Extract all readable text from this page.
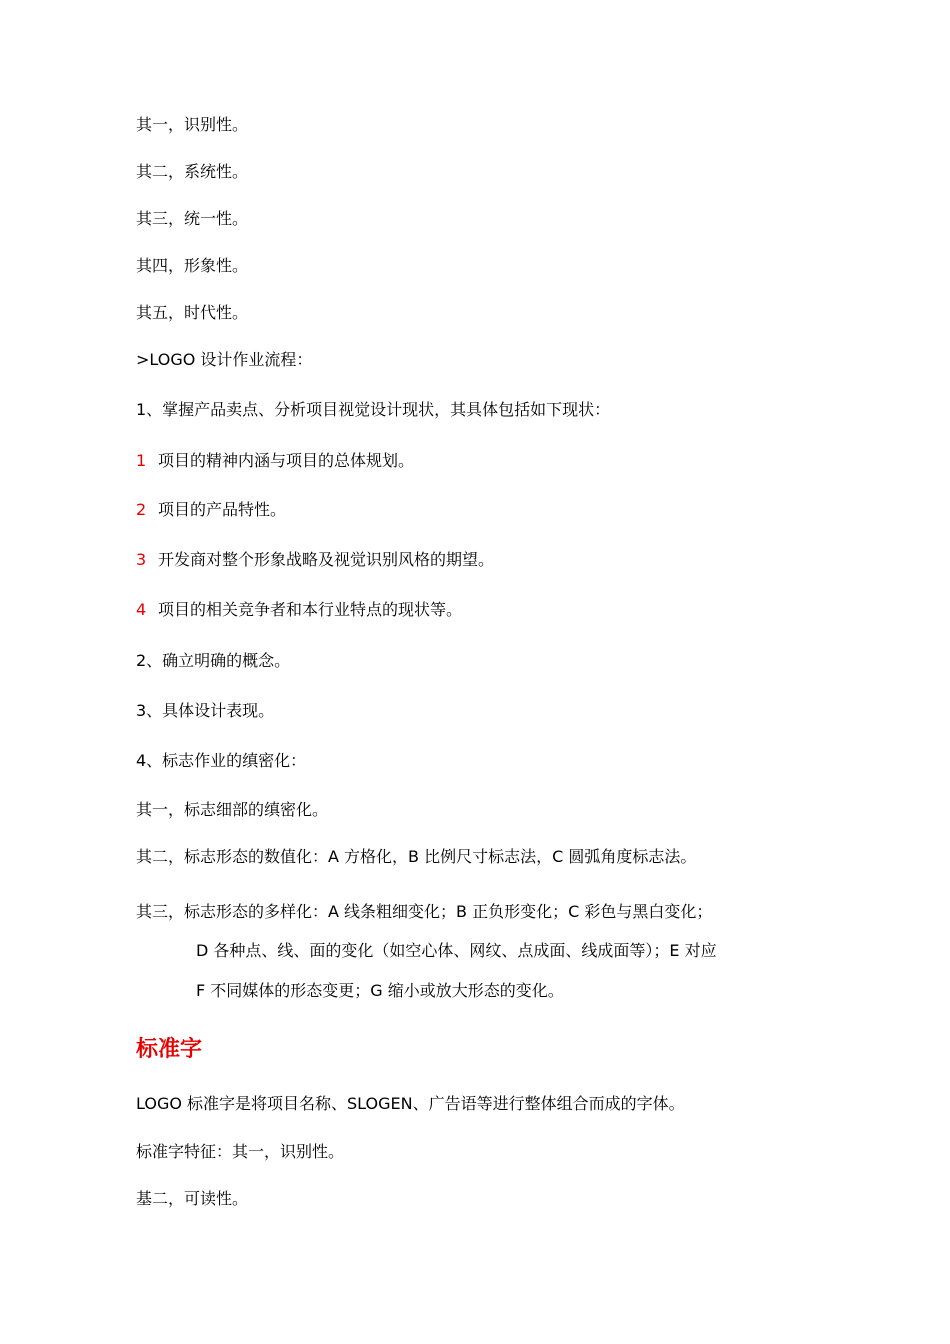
其一，识别性。
其二，系统性。
其三，统一性。
其四，形象性。
其五，时代性。
>LOGO 设计作业流程：
1、掌握产品卖点、分析项目视觉设计现状，其具体包括如下现状：
1 项目的精神内涵与项目的总体规划。
2 项目的产品特性。
3 开发商对整个形象战略及视觉识别风格的期望。
4 项目的相关竞争者和本行业特点的现状等。
2、确立明确的概念。
3、具体设计表现。
4、标志作业的缜密化：
其一，标志细部的缜密化。
其二，标志形态的数值化：A 方格化，B 比例尺寸标志法，C 圆弧角度标志法。
其三，标志形态的多样化：A 线条粗细变化；B 正负形变化；C 彩色与黑白变化；
D 各种点、线、面的变化（如空心体、网纹、点成面、线成面等）；E 对应
F 不同媒体的形态变更；G 缩小或放大形态的变化。
标准字
LOGO 标准字是将项目名称、SLOGEN、广告语等进行整体组合而成的字体。
标准字特征：其一，识别性。
基二，可读性。
